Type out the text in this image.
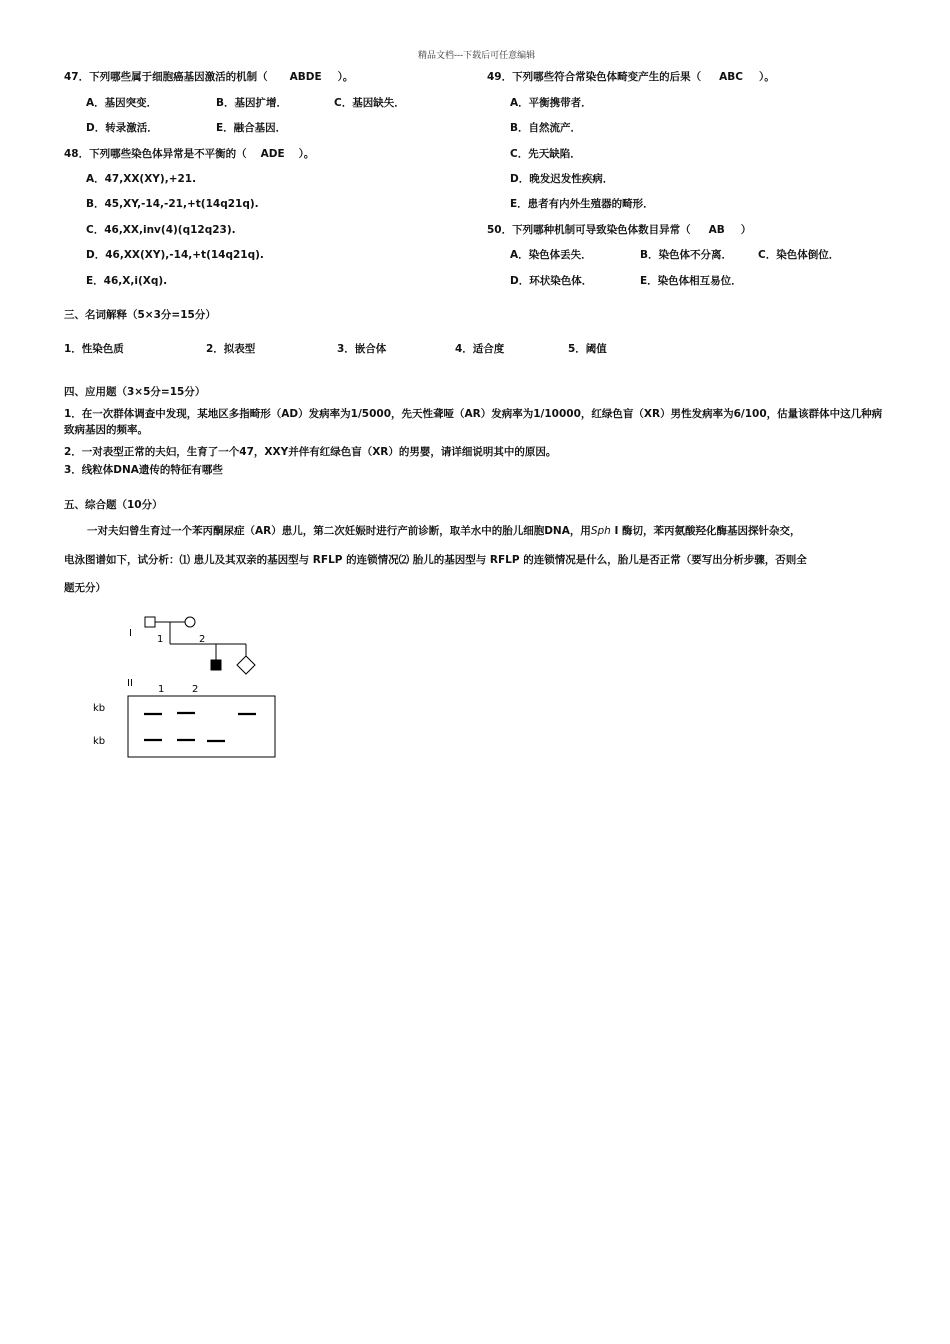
精品文档---下载后可任意编辑
47．下列哪些属于细胞癌基因激活的机制（ ABDE ）。
A．基因突变．	B．基因扩增．	C．基因缺失．
D．转录激活．	E．融合基因．
48．下列哪些染色体异常是不平衡的（ ADE ）。
A．47,XX(XY),+21.
B．45,XY,-14,-21,+t(14q21q).
C．46,XX,inv(4)(q12q23).
D．46,XX(XY),-14,+t(14q21q).
E．46,X,i(Xq).
49．下列哪些符合常染色体畸变产生的后果（ ABC ）。
A．平衡携带者．
B．自然流产．
C．先天缺陷．
D．晚发迟发性疾病．
E．患者有内外生殖器的畸形．
50．下列哪种机制可导致染色体数目异常（ AB ）
A．染色体丢失．	B．染色体不分离． C．染色体倒位．
D．环状染色体．	E．染色体相互易位．
三、名词解释（5×3分=15分）
1．性染色质	2．拟表型	3．嵌合体	4．适合度	5．阈值
四、应用题（3×5分=15分）
1．在一次群体调查中发现，某地区多指畸形（AD）发病率为1/5000，先天性聋哑（AR）发病率为1/10000，红绿色盲（XR）男性发病率为6/100，估量该群体中这几种病致病基因的频率。
2．一对表型正常的夫妇，生育了一个47，XXY并伴有红绿色盲（XR）的男婴，请详细说明其中的原因。
3．线粒体DNA遗传的特征有哪些
五、综合题（10分）
一对夫妇曾生育过一个苯丙酮尿症（AR）患儿，第二次妊娠时进行产前诊断，取羊水中的胎儿细胞DNA，用Sph I 酶切，苯丙氨酸羟化酶基因探针杂交，
电泳图谱如下，试分析：⑴ 患儿及其双亲的基因型与 RFLP 的连锁情况⑵ 胎儿的基因型与 RFLP 的连锁情况是什么，胎儿是否正常（要写出分析步骤，否则全
题无分）
I
1	2
II
1	2
kb
kb
